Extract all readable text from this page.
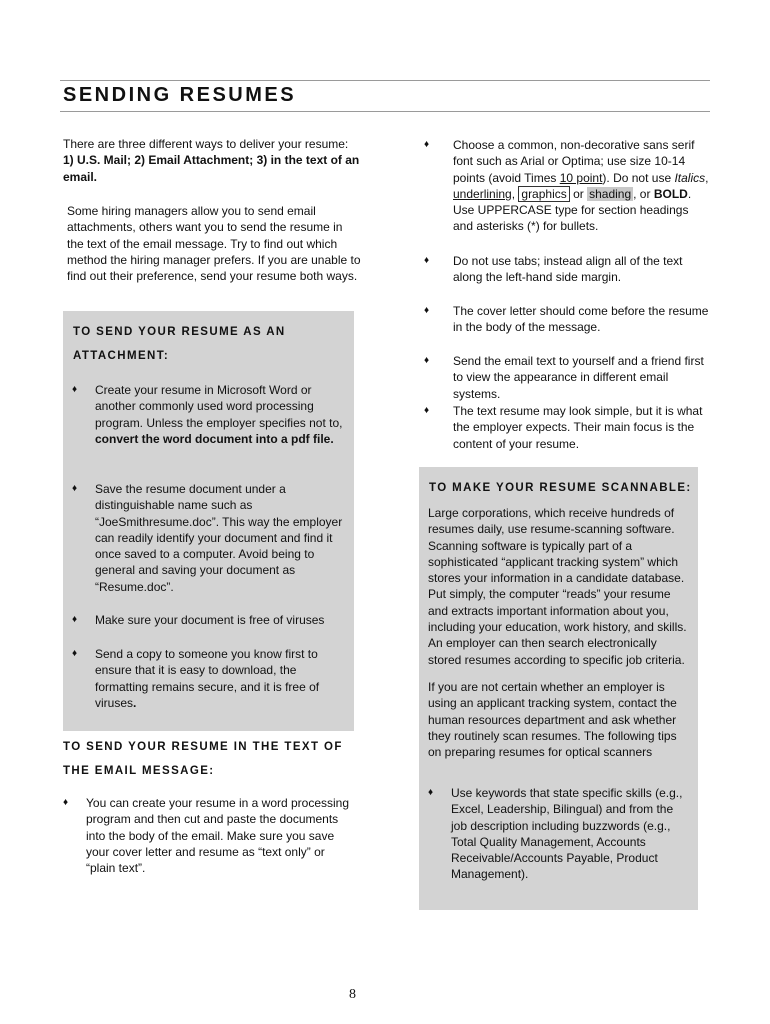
SENDING RESUMES
There are three different ways to deliver your resume:
1) U.S. Mail; 2) Email Attachment; 3) in the text of an email.

Some hiring managers allow you to send email attachments, others want you to send the resume in the text of the email message. Try to find out which method the hiring manager prefers. If you are unable to find out their preference, send your resume both ways.

TO SEND YOUR RESUME AS AN ATTACHMENT:
♦	Create your resume in Microsoft Word or another commonly used word processing program. Unless the employer specifies not to, convert the word document into a pdf file.

♦	Save the resume document under a distinguishable name such as “JoeSmithresume.doc”. This way the employer can readily identify your document and find it once saved to a computer. Avoid being to general and saving your document as “Resume.doc”.

♦	Make sure your document is free of viruses

♦	Send a copy to someone you know first to ensure that it is easy to download, the formatting remains secure, and it is free of viruses.

TO SEND YOUR RESUME IN THE TEXT OF THE EMAIL MESSAGE:
♦	You can create your resume in a word processing program and then cut and paste the documents into the body of the email. Make sure you save your cover letter and resume as “text only” or “plain text”.

♦	Choose a common, non-decorative sans serif font such as Arial or Optima; use size 10-14 points (avoid Times 10 point). Do not use Italics, underlining, graphics or shading , or BOLD. Use UPPERCASE type for section headings and asterisks (*) for bullets.

♦	Do not use tabs; instead align all of the text along the left-hand side margin.

♦	The cover letter should come before the resume in the body of the message.

♦	Send the email text to yourself and a friend first to view the appearance in different email systems.

♦	The text resume may look simple, but it is what the employer expects. Their main focus is the content of your resume.

TO MAKE YOUR RESUME SCANNABLE:

Large corporations, which receive hundreds of resumes daily, use resume-scanning software. Scanning software is typically part of a sophisticated “applicant tracking system” which stores your information in a candidate database. Put simply, the computer “reads” your resume and extracts important information about you, including your education, work history, and skills. An employer can then search electronically stored resumes according to specific job criteria.

If you are not certain whether an employer is using an applicant tracking system, contact the human resources department and ask whether they routinely scan resumes. The following tips on preparing resumes for optical scanners

♦	Use keywords that state specific skills (e.g., Excel, Leadership, Bilingual) and from the job description including buzzwords (e.g., Total Quality Management, Accounts Receivable/Accounts Payable, Product Management).

8
